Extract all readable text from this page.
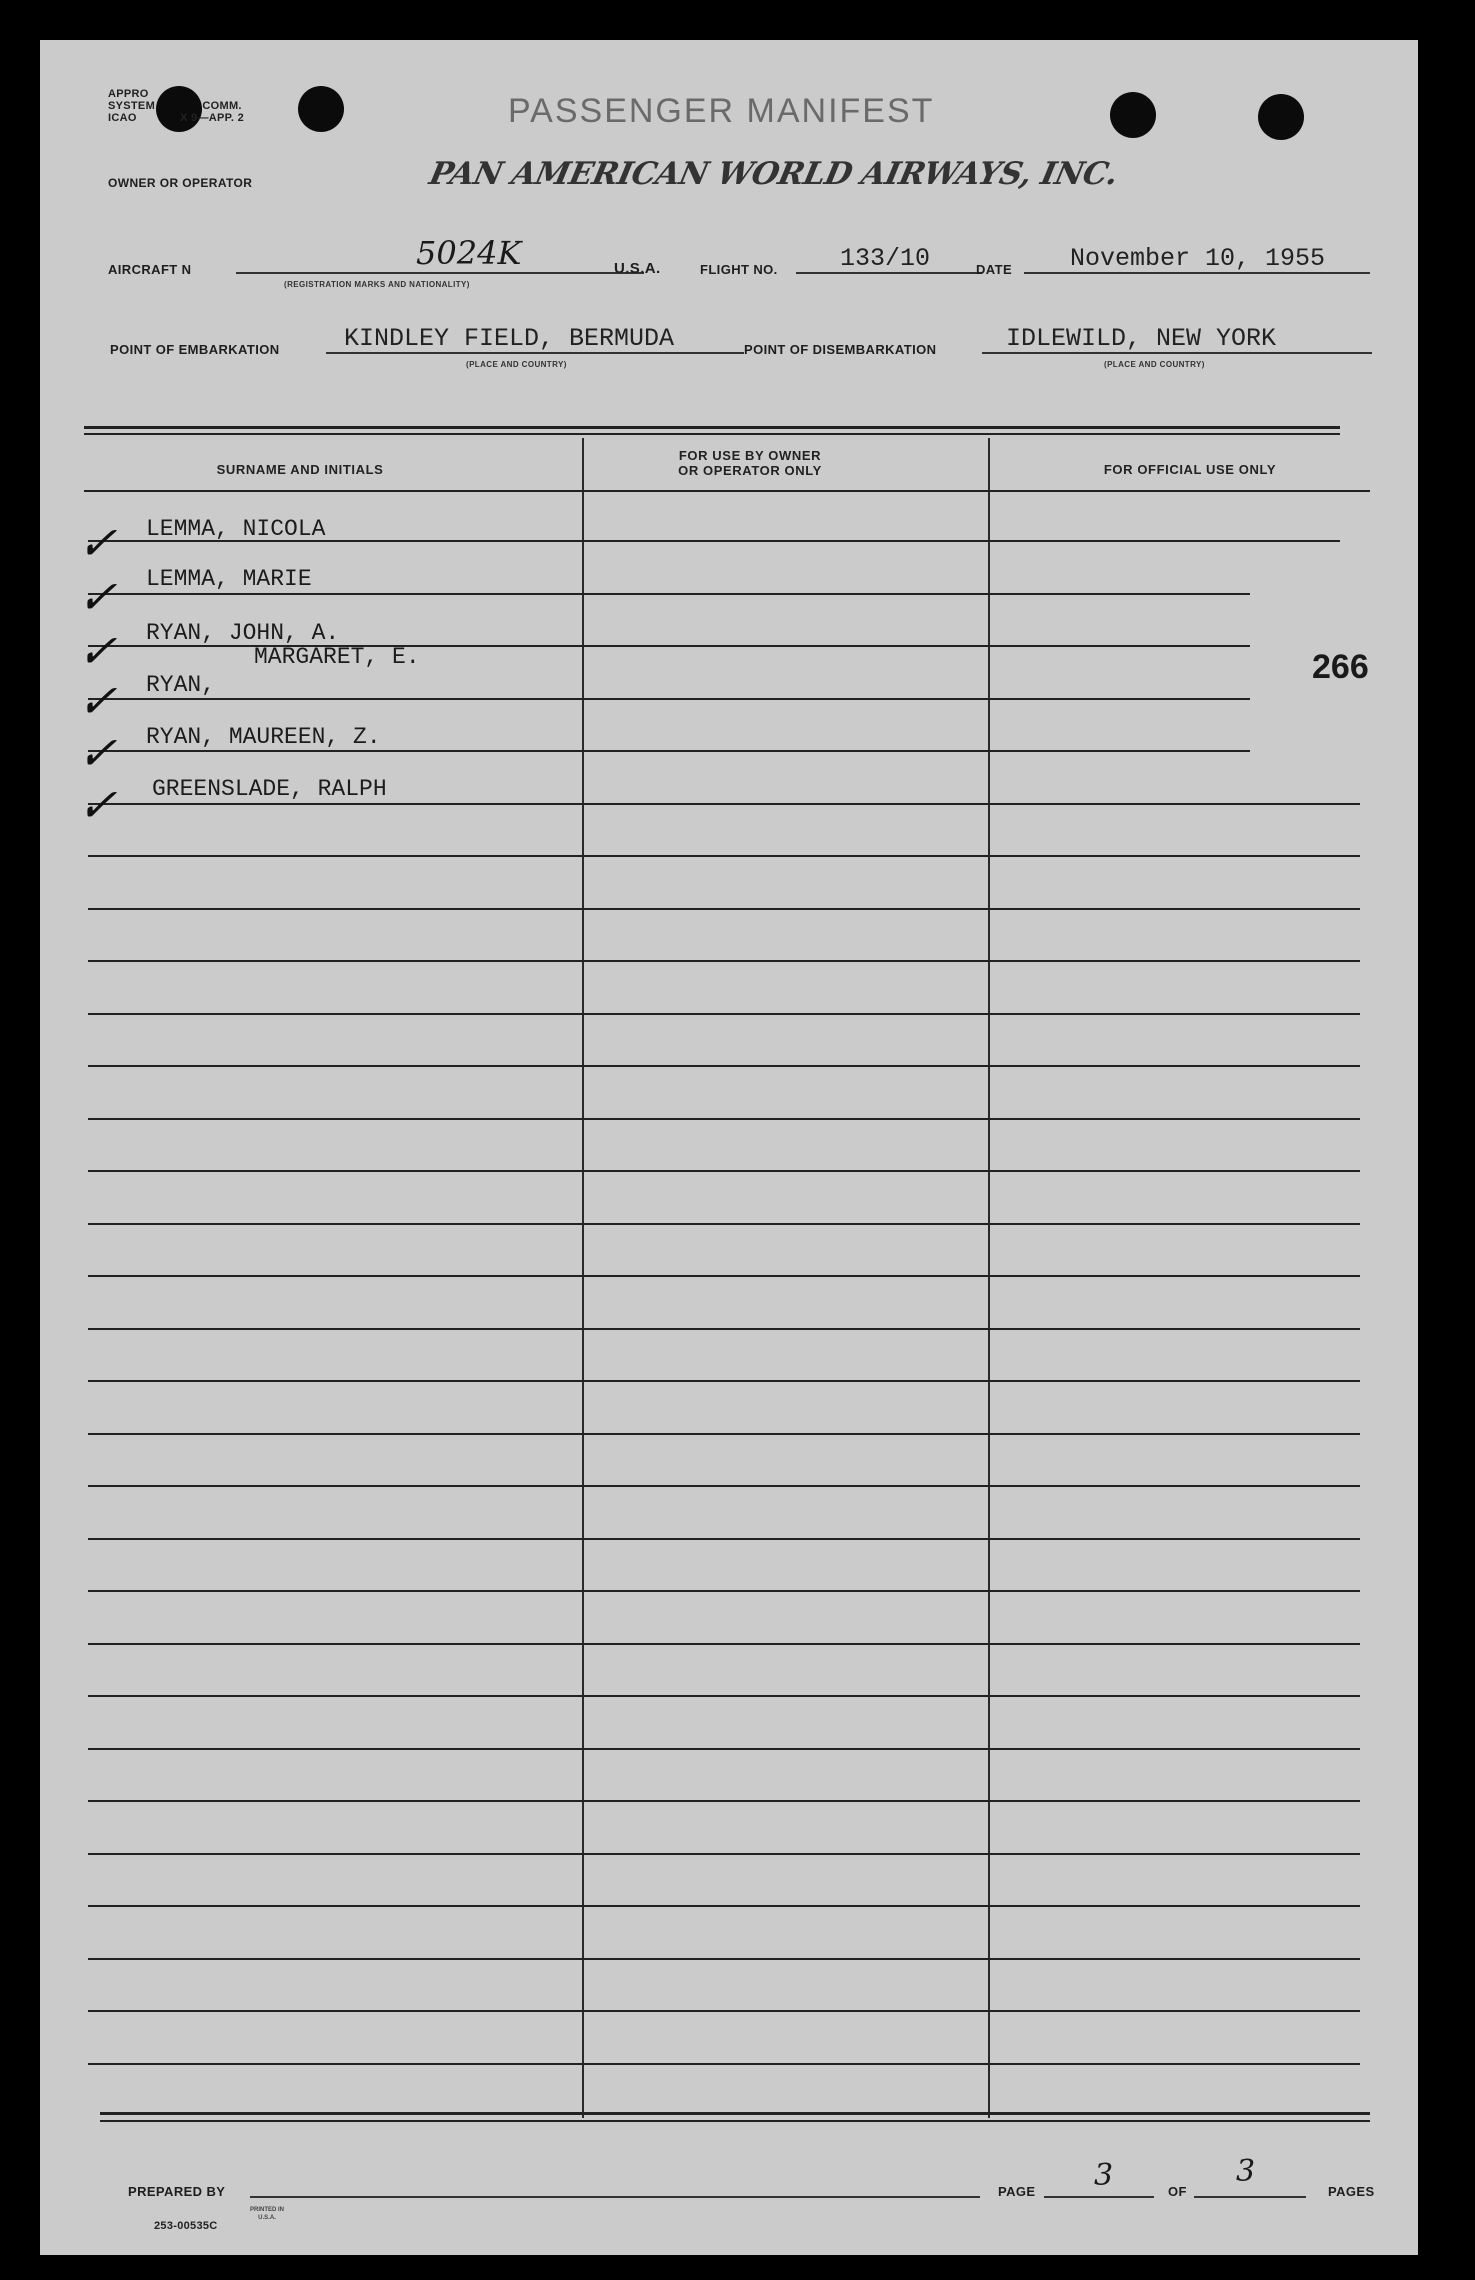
APPRO
SYSTEM	COMM.
ICAO	X 9—APP. 2	PASSENGER MANIFEST
OWNER OR OPERATOR	PAN AMERICAN WORLD AIRWAYS, INC.
AIRCRAFT N	5024K
(REGISTRATION MARKS AND NATIONALITY)
U.S.A.	FLIGHT NO. 133/10	DATE November 10, 1955
POINT OF EMBARKATION	KINDLEY FIELD, BERMUDA
(PLACE AND COUNTRY)
POINT OF DISEMBARKATION	IDLEWILD, NEW YORK
(PLACE AND COUNTRY)
SURNAME AND INITIALS
FOR USE BY OWNER
OR OPERATOR ONLY	FOR OFFICIAL USE ONLY
✓ LEMMA, NICOLA
✓ LEMMA, MARIE
✓ RYAN, JOHN, A.
✓ RYAN,
MARGARET, E.
✓ RYAN, MAUREEN, Z.
✓ GREENSLADE, RALPH
266
PREPARED BY	PAGE 3	OF
3
PAGES
253-00535C
PRINTED IN U.S.A.
